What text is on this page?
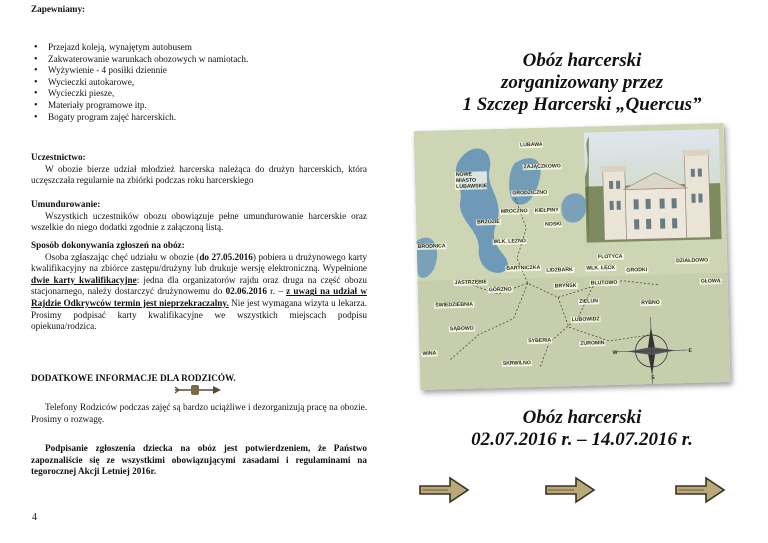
Zapewniamy:
• Przejazd koleją, wynajętym autobusem
• Zakwaterowanie warunkach obozowych w namiotach.
• Wyżywienie - 4 posiłki dziennie
• Wycieczki autokarowe,
• Wycieczki piesze,
• Materiały programowe itp.
• Bogaty program zajęć harcerskich.
Uczestnictwo:
W obozie bierze udział młodzież harcerska należąca do drużyn harcerskich, która uczęszczała regularnie na zbiórki podczas roku harcerskiego
Umundurowanie:
Wszystkich uczestników obozu obowiązuje pełne umundurowanie harcerskie oraz wszelkie do niego dodatki zgodnie z załączoną listą.
Sposób dokonywania zgłoszeń na obóz:
Osoba zgłaszając chęć udziału w obozie (do 27.05.2016) pobiera u drużynowego karty kwalifikacyjny na zbiórce zastępu/drużyny lub drukuje wersję elektroniczną. Wypełnione dwie karty kwalifikacyjne: jedna dla organizatorów rajdu oraz druga na część obozu stacjonarnego, należy dostarczyć drużynowemu do 02.06.2016 r. – z uwagi na udział w Rajdzie Odkrywców termin jest nieprzekraczalny. Nie jest wymagana wizyta u lekarza. Prosimy podpisać karty kwalifikacyjne we wszystkich miejscach podpisu opiekuna/rodzica.
DODATKOWE INFORMACJE DLA RODZICÓW.
Telefony Rodziców podczas zajęć są bardzo uciążliwe i dezorganizują pracę na obozie. Prosimy o rozwagę.
Podpisanie zgłoszenia dziecka na obóz jest potwierdzeniem, że Państwo zapoznaliście się ze wszystkimi obowiązującymi zasadami i regulaminami na tegorocznej Akcji Letniej 2016r.
4
Obóz harcerski
zorganizowany przez
1 Szczep Harcerski „Quercus”
LUBAWA
NOWE MIASTO LUBAWSKIE
ZAJĄCZKOWO
GRODZICZNO
BRODNICA
MROCZNO KIEŁPINY
BRZOZIE	NOSKI
WLK. LEZNO
JASTRZĘBIE
GÓRZNO
BARTNICZKA LIDZBARK	WLK. ŁĘCK GRODKI
BRYŃSK	BLUTOWO
ZIELUN
DZIAŁDOWO
ŚWIEDZIEBNIA
SĄBOWO
LUBOWIDZ
RYBNO
SYBERIA	ZUROMIN
SKRWILNO
GŁOWĄ
FLOTYCA
WINA	W	E
S
Obóz harcerski
02.07.2016 r. – 14.07.2016 r.
